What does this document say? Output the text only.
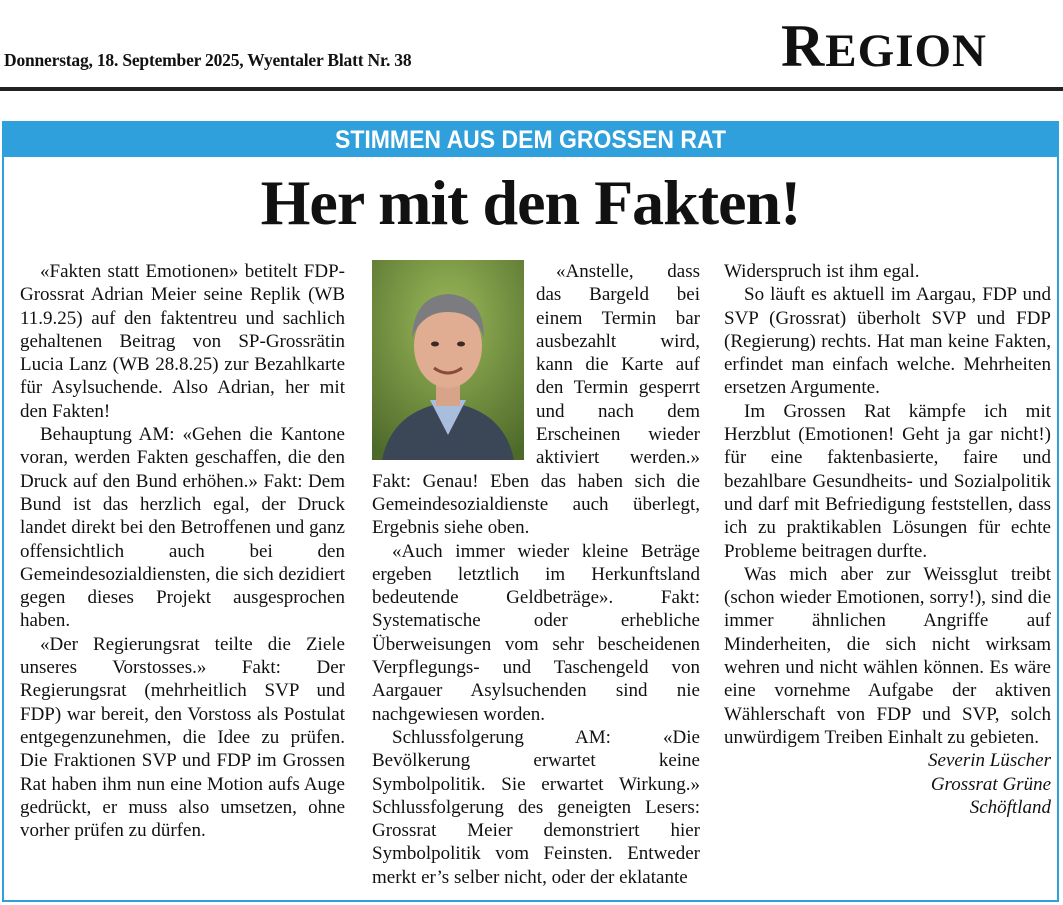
Donnerstag, 18. September 2025, Wyentaler Blatt Nr. 38	REGION
STIMMEN AUS DEM GROSSEN RAT
Her mit den Fakten!

«Fakten statt Emotionen» betitelt FDP-Grossrat Adrian Meier seine Replik (WB 11.9.25) auf den faktentreu und sachlich gehaltenen Beitrag von SP-Grossrätin Lucia Lanz (WB 28.8.25) zur Bezahlkarte für Asylsuchende. Also Adrian, her mit den Fakten!

Behauptung AM: «Gehen die Kantone voran, werden Fakten geschaffen, die den Druck auf den Bund erhöhen.» Fakt: Dem Bund ist das herzlich egal, der Druck landet direkt bei den Betroffenen und ganz offensichtlich auch bei den Gemeindesozialdiensten, die sich dezidiert gegen dieses Projekt ausgesprochen haben.

«Der Regierungsrat teilte die Ziele unseres Vorstosses.» Fakt: Der Regierungsrat (mehrheitlich SVP und FDP) war bereit, den Vorstoss als Postulat entgegenzunehmen, die Idee zu prüfen. Die Fraktionen SVP und FDP im Grossen Rat haben ihm nun eine Motion aufs Auge gedrückt, er muss also umsetzen, ohne vorher prüfen zu dürfen.

«Anstelle, dass das Bargeld bei einem Termin bar ausbezahlt wird, kann die Karte auf den Termin gesperrt und nach dem Erscheinen wieder aktiviert werden.» Fakt: Genau! Eben das haben sich die Gemeindesozialdienste auch überlegt, Ergebnis siehe oben.

«Auch immer wieder kleine Beträge ergeben letztlich im Herkunftsland bedeutende Geldbeträge». Fakt: Systematische oder erhebliche Überweisungen vom sehr bescheidenen Verpflegungs- und Taschengeld von Aargauer Asylsuchenden sind nie nachgewiesen worden.

Schlussfolgerung AM: «Die Bevölkerung erwartet keine Symbolpolitik. Sie erwartet Wirkung.» Schlussfolgerung des geneigten Lesers: Grossrat Meier demonstriert hier Symbolpolitik vom Feinsten. Entweder merkt er’s selber nicht, oder der eklatante

Widerspruch ist ihm egal.

So läuft es aktuell im Aargau, FDP und SVP (Grossrat) überholt SVP und FDP (Regierung) rechts. Hat man keine Fakten, erfindet man einfach welche. Mehrheiten ersetzen Argumente.

Im Grossen Rat kämpfe ich mit Herzblut (Emotionen! Geht ja gar nicht!) für eine faktenbasierte, faire und bezahlbare Gesundheits- und Sozialpolitik und darf mit Befriedigung feststellen, dass ich zu praktikablen Lösungen für echte Probleme beitragen durfte.

Was mich aber zur Weissglut treibt (schon wieder Emotionen, sorry!), sind die immer ähnlichen Angriffe auf Minderheiten, die sich nicht wirksam wehren und nicht wählen können. Es wäre eine vornehme Aufgabe der aktiven Wählerschaft von FDP und SVP, solch unwürdigem Treiben Einhalt zu gebieten.

Severin Lüscher

Grossrat Grüne

Schöftland
